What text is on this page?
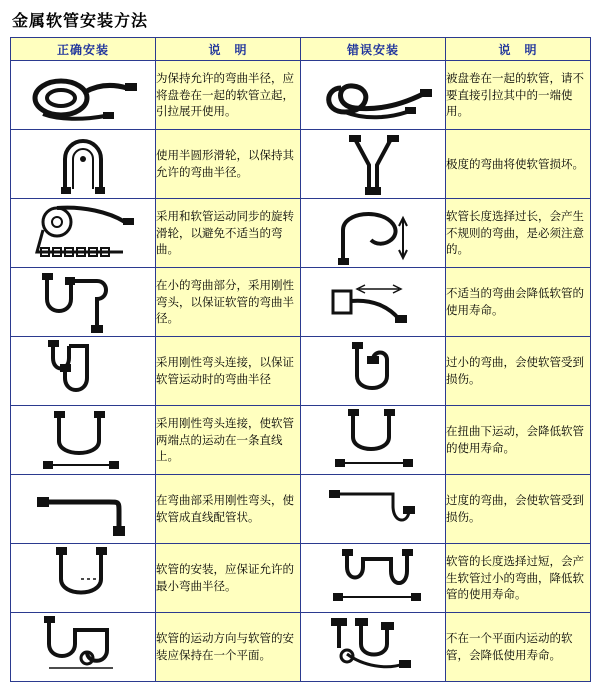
金属软管安装方法
正确安装	说　明	错误安装	说　明

	为保持允许的弯曲半径，应将盘卷在一起的软管立起，引拉展开使用。		被盘卷在一起的软管，请不要直接引拉其中的一端使用。

	使用半圆形滑轮，以保持其允许的弯曲半径。		极度的弯曲将使软管损坏。

	采用和软管运动同步的旋转滑轮，以避免不适当的弯曲。		软管长度选择过长，会产生不规则的弯曲，是必须注意的。

	在小的弯曲部分，采用刚性弯头，以保证软管的弯曲半径。		不适当的弯曲会降低软管的使用寿命。

	采用刚性弯头连接，以保证软管运动时的弯曲半径		过小的弯曲，会使软管受到损伤。

	采用刚性弯头连接，使软管两端点的运动在一条直线上。		在扭曲下运动，会降低软管的使用寿命。

	在弯曲部采用刚性弯头，使软管成直线配管状。		过度的弯曲，会使软管受到损伤。

	软管的安装，应保证允许的最小弯曲半径。		软管的长度选择过短，会产生软管过小的弯曲，降低软管的使用寿命。

	软管的运动方向与软管的安装应保持在一个平面。		不在一个平面内运动的软管，会降低使用寿命。
